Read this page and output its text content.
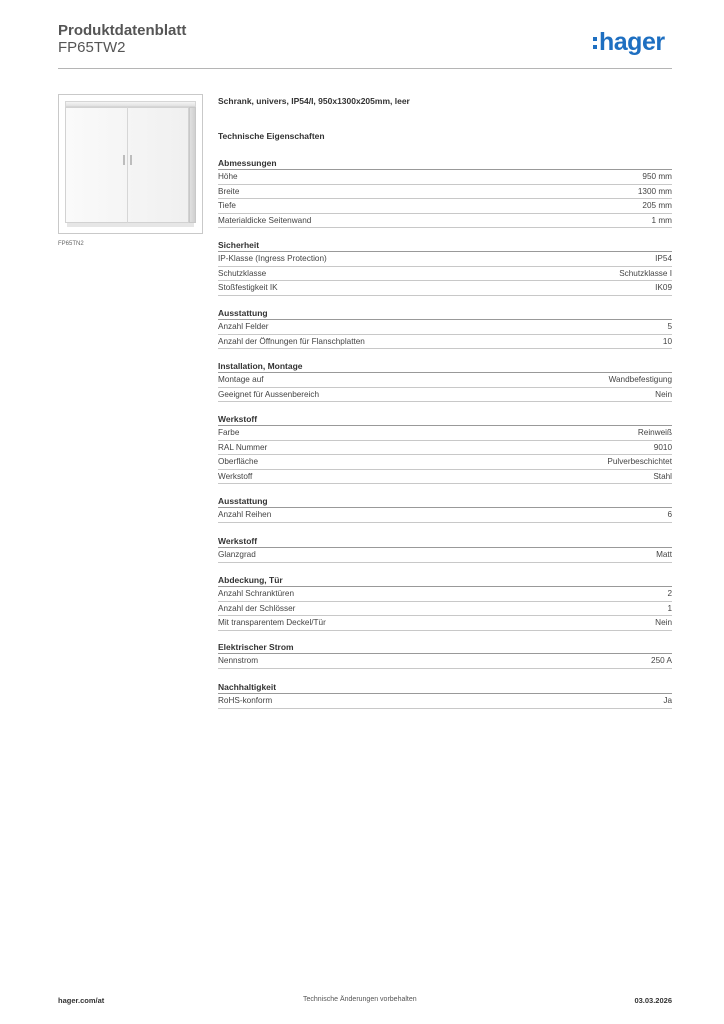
Produktdatenblatt
FP65TW2	hager
FP65TN2
Schrank, univers, IP54/I, 950x1300x205mm, leer
Technische Eigenschaften
Abmessungen
Höhe	950 mm
Breite	1300 mm
Tiefe	205 mm
Materialdicke Seitenwand	1 mm
Sicherheit
IP-Klasse (Ingress Protection)	IP54
Schutzklasse	Schutzklasse I
Stoßfestigkeit IK	IK09
Ausstattung
Anzahl Felder	5
Anzahl der Öffnungen für Flanschplatten	10
Installation, Montage
Montage auf	Wandbefestigung
Geeignet für Aussenbereich	Nein
Werkstoff
Farbe	Reinweiß
RAL Nummer	9010
Oberfläche	Pulverbeschichtet
Werkstoff	Stahl
Ausstattung
Anzahl Reihen	6
Werkstoff
Glanzgrad	Matt
Abdeckung, Tür
Anzahl Schranktüren	2
Anzahl der Schlösser	1
Mit transparentem Deckel/Tür	Nein
Elektrischer Strom
Nennstrom	250 A
Nachhaltigkeit
RoHS-konform	Ja
hager.com/at	Technische Änderungen vorbehalten	03.03.2026
